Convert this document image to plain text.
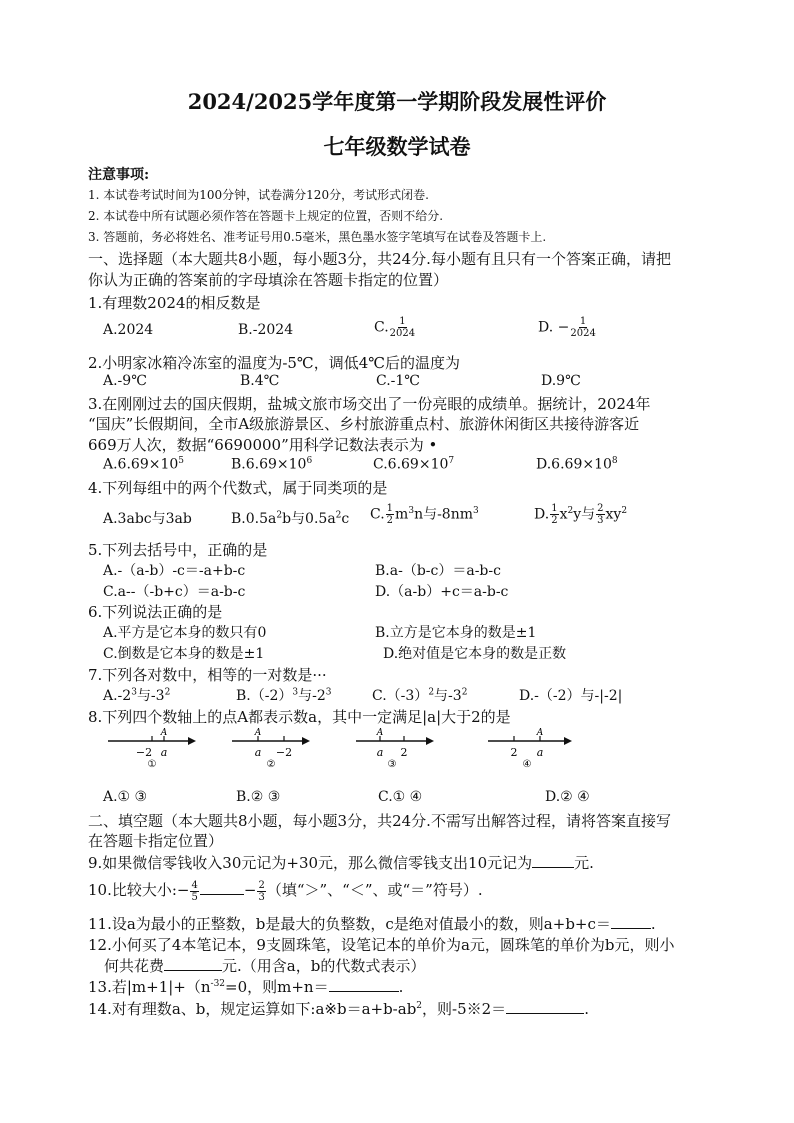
2024/2025学年度第一学期阶段发展性评价
七年级数学试卷
注意事项:
1. 本试卷考试时间为100分钟，试卷满分120分，考试形式闭卷.
2. 本试卷中所有试题必须作答在答题卡上规定的位置，否则不给分.
3. 答题前，务必将姓名、准考证号用0.5毫米，黑色墨水签字笔填写在试卷及答题卡上.
一、选择题（本大题共8小题，每小题3分，共24分.每小题有且只有一个答案正确，请把
你认为正确的答案前的字母填涂在答题卡指定的位置）
1.有理数2024的相反数是
A.2024	B.-2024	C. $\frac{1}{2024}$	D. − $\frac{1}{2024}$
2.小明家冰箱冷冻室的温度为-5℃，调低4℃后的温度为
A.-9℃	B.4℃	C.-1℃	D.9℃
3.在刚刚过去的国庆假期，盐城文旅市场交出了一份亮眼的成绩单。据统计，2024年
“国庆”长假期间，全市A级旅游景区、乡村旅游重点村、旅游休闲街区共接待游客近
669万人次，数据“6690000”用科学记数法表示为 •
$A.6.69\times 10^5$	$B.6.69\times 10^6$	$C.6.69\times 10^7$	$D.6.69\times 10^8$
4.下列每组中的两个代数式，属于同类项的是
A.3abc与3ab	$B.0.5a^2b$与$0.5a^2c$ C. $\frac{1}{2} m^3n$与$-8nm^3$	D. $\frac{1}{2} x^2y$与 $\frac{2}{3} xy^2$
5.下列去括号中，正确的是
A.-（a-b）-c＝-a+b-c	B.a-（b-c）＝a-b-c
C.a--（-b+c）＝a-b-c	D.（a-b）+c＝a-b-c
6.下列说法正确的是
A.平方是它本身的数只有0	B.立方是它本身的数是±1
C.倒数是它本身的数是±1	D.绝对值是它本身的数是正数
7.下列各对数中，相等的一对数是···
$A.-2^3$与$-3^2$	$B.(-2)^3$与$-2^3$	$C.(-3)^2$与$-3^2$	D.-（-2）与-|-2|
8.下列四个数轴上的点A都表示数a，其中一定满足|a|大于2的是
A
−2 a
①
A
a −2
②
A
a 2
③
A
2 a
④
A.① ③	B.② ③	C.① ④	D.② ④
二、填空题（本大题共8小题，每小题3分，共24分.不需写出解答过程，请将答案直接写
在答题卡指定位置）
9.如果微信零钱收入30元记为+30元，那么微信零钱支出10元记为	元.
10.比较大小:− $\frac{4}{5}$	− $\frac{2}{3}$ （填“＞”、“＜”、或“＝”符号）.
11.设a为最小的正整数，b是最大的负整数，c是绝对值最小的数，则a+b+c＝	.
12.小何买了4本笔记本，9支圆珠笔，设笔记本的单价为a元，圆珠笔的单价为b元，则小
何共花费	元.（用含a，b的代数式表示）
13.若$|m+1|+(n^{-32}=0$，则m+n＝	.
14.对有理数a、b，规定运算如下$:a※b=a+b-ab^2$，则-5※2＝	.
